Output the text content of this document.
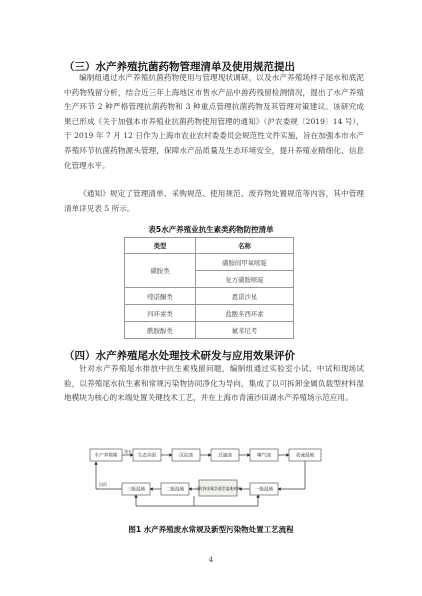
（三）水产养殖抗菌药物管理清单及使用规范提出
编制组通过水产养殖抗菌药物使用与管理现状调研，以及水产养殖场样子尾水和底泥中药物残留分析，结合近三年上海地区市售水产品中兽药残留检测情况，提出了水产养殖生产环节 2 种严格管理抗菌药物和 3 种重点管理抗菌药物及其管理对策建议。该研究成果已形成《关于加强本市养殖业抗菌药物使用管理的通知》（沪农委规〔2019〕14 号），于 2019 年 7 月 12 日作为上海市农业农村委委员会规范性文件实施，旨在加强本市水产养殖环节抗菌药物源头管理，保障水产品质量及生态环境安全，提升养殖业精细化、信息化管理水平。
《通知》规定了管理清单、采购规范、使用规范、废弃物处置规范等内容，其中管理清单详见表 5 所示。
表5水产养殖业抗生素类药物防控清单
类型	名称
磺胺类	磺胺间甲氧嘧啶
	复方磺胺嘧啶
喹诺酮类	恩诺沙星
四环素类	盐酸多西环素
酰胺醇类	氟苯尼考
（四）水产养殖尾水处理技术研发与应用效果评价
针对水产养殖尾水排放中抗生素残留问题，编制组通过实验室小试、中试和现场试验，以养殖尾水抗生素和常规污染物协同净化为导向，集成了以可拆卸金属负载型材料湿地模块为核心的末端处置关键技术工艺，并在上海市青浦沙田湖水产养殖场示范应用。
水产养殖塘	生态沟渠	沉淀池	过滤池	曝气池	表流湿地
三级湿地	二级湿地	一级湿地
可拆卸金属负载型湿地材料
尾水
回用
图1 水产养殖废水常规及新型污染物处置工艺流程
4
